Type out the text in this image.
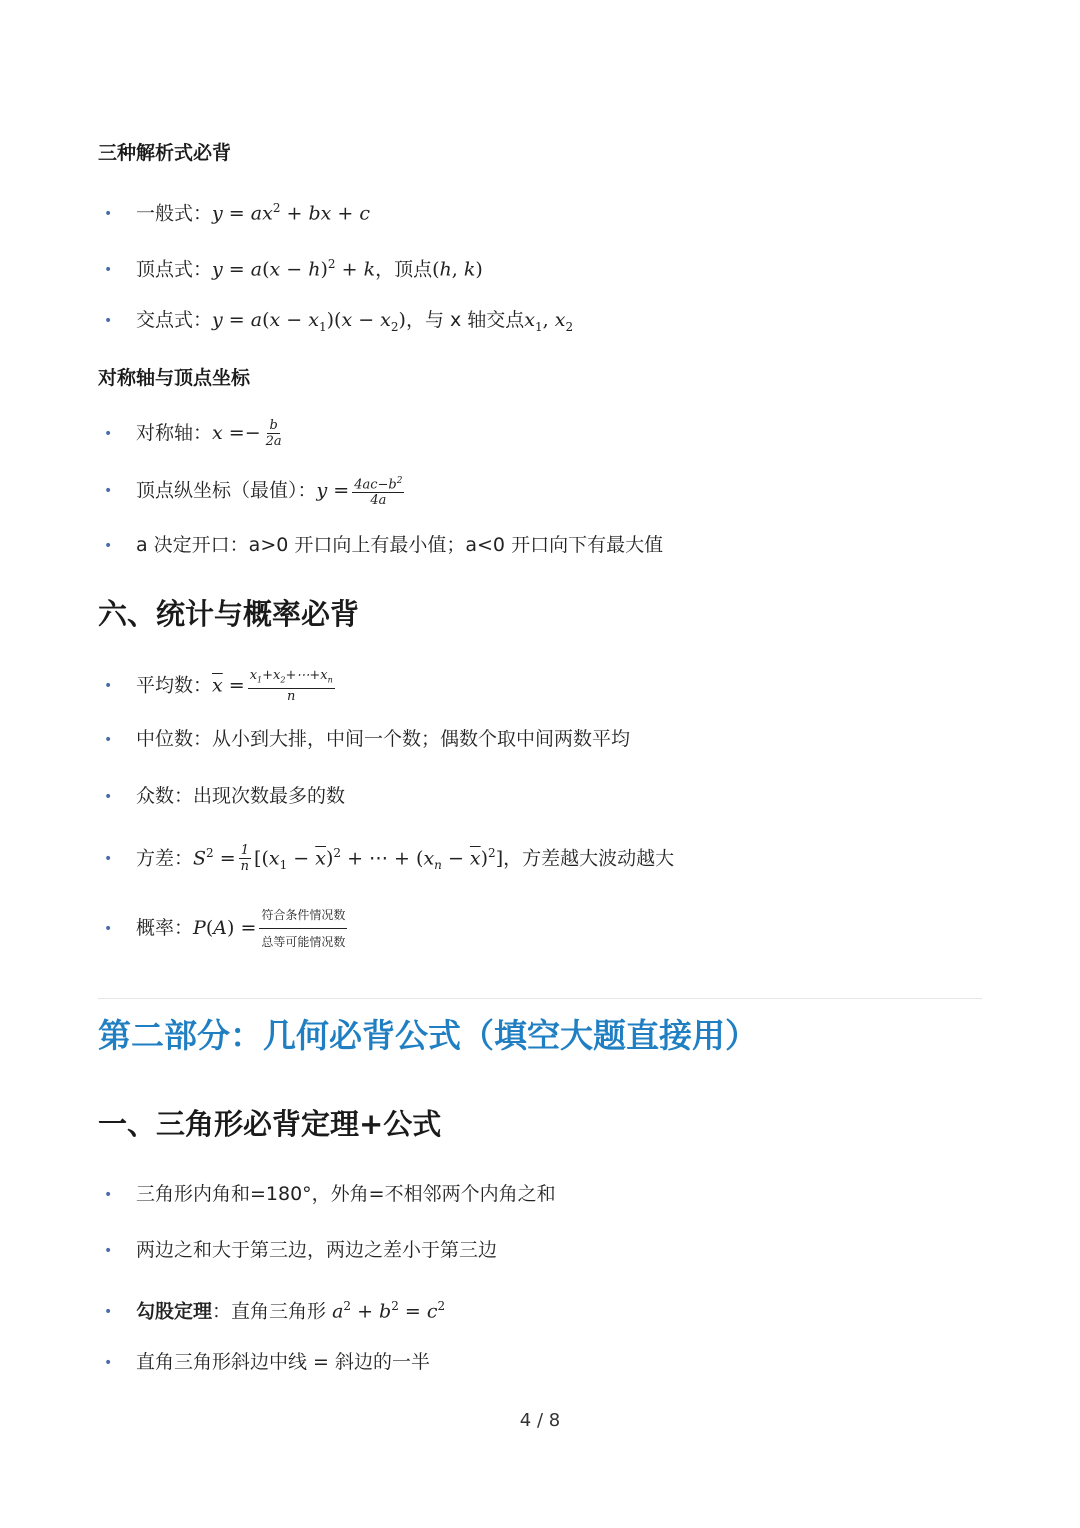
三种解析式必背
• 一般式：$y = ax^2$ + bx + c
• 顶点式：$y = a(x - h)^2 + k$，顶点(h, k)
• 交点式：$y = a(x - x_1)(x - x_2)$，与 x 轴交点$x_1$, $x_2$
对称轴与顶点坐标
• 对称轴：$x =- \frac{b}{2a}$
• 顶点纵坐标（最值）：$y = \frac{4ac-b^2}{4a}$
• a 决定开口：a>0 开口向上有最小值；a<0 开口向下有最大值
六、统计与概率必背
• 平均数：$\overline{x} = \frac{x_1+x_2+\cdots+x_n}{n}$
• 中位数：从小到大排，中间一个数；偶数个取中间两数平均
• 众数：出现次数最多的数
• 方差：$S^2 = \frac{1}{n} [(x_1 - \overline{x})^2$ + ⋯ + $(x_n - \overline{x})^2$]，方差越大波动越大
• 概率：$P(A) = \frac{\text{符合条件情况数}}{\text{总等可能情况数}}$
第二部分：几何必背公式（填空大题直接用）
一、三角形必背定理+公式
• 三角形内角和=180°，外角=不相邻两个内角之和
• 两边之和大于第三边，两边之差小于第三边
• 勾股定理：直角三角形 $a^2 + b^2 = c^2$
• 直角三角形斜边中线 = 斜边的一半
4 / 8
